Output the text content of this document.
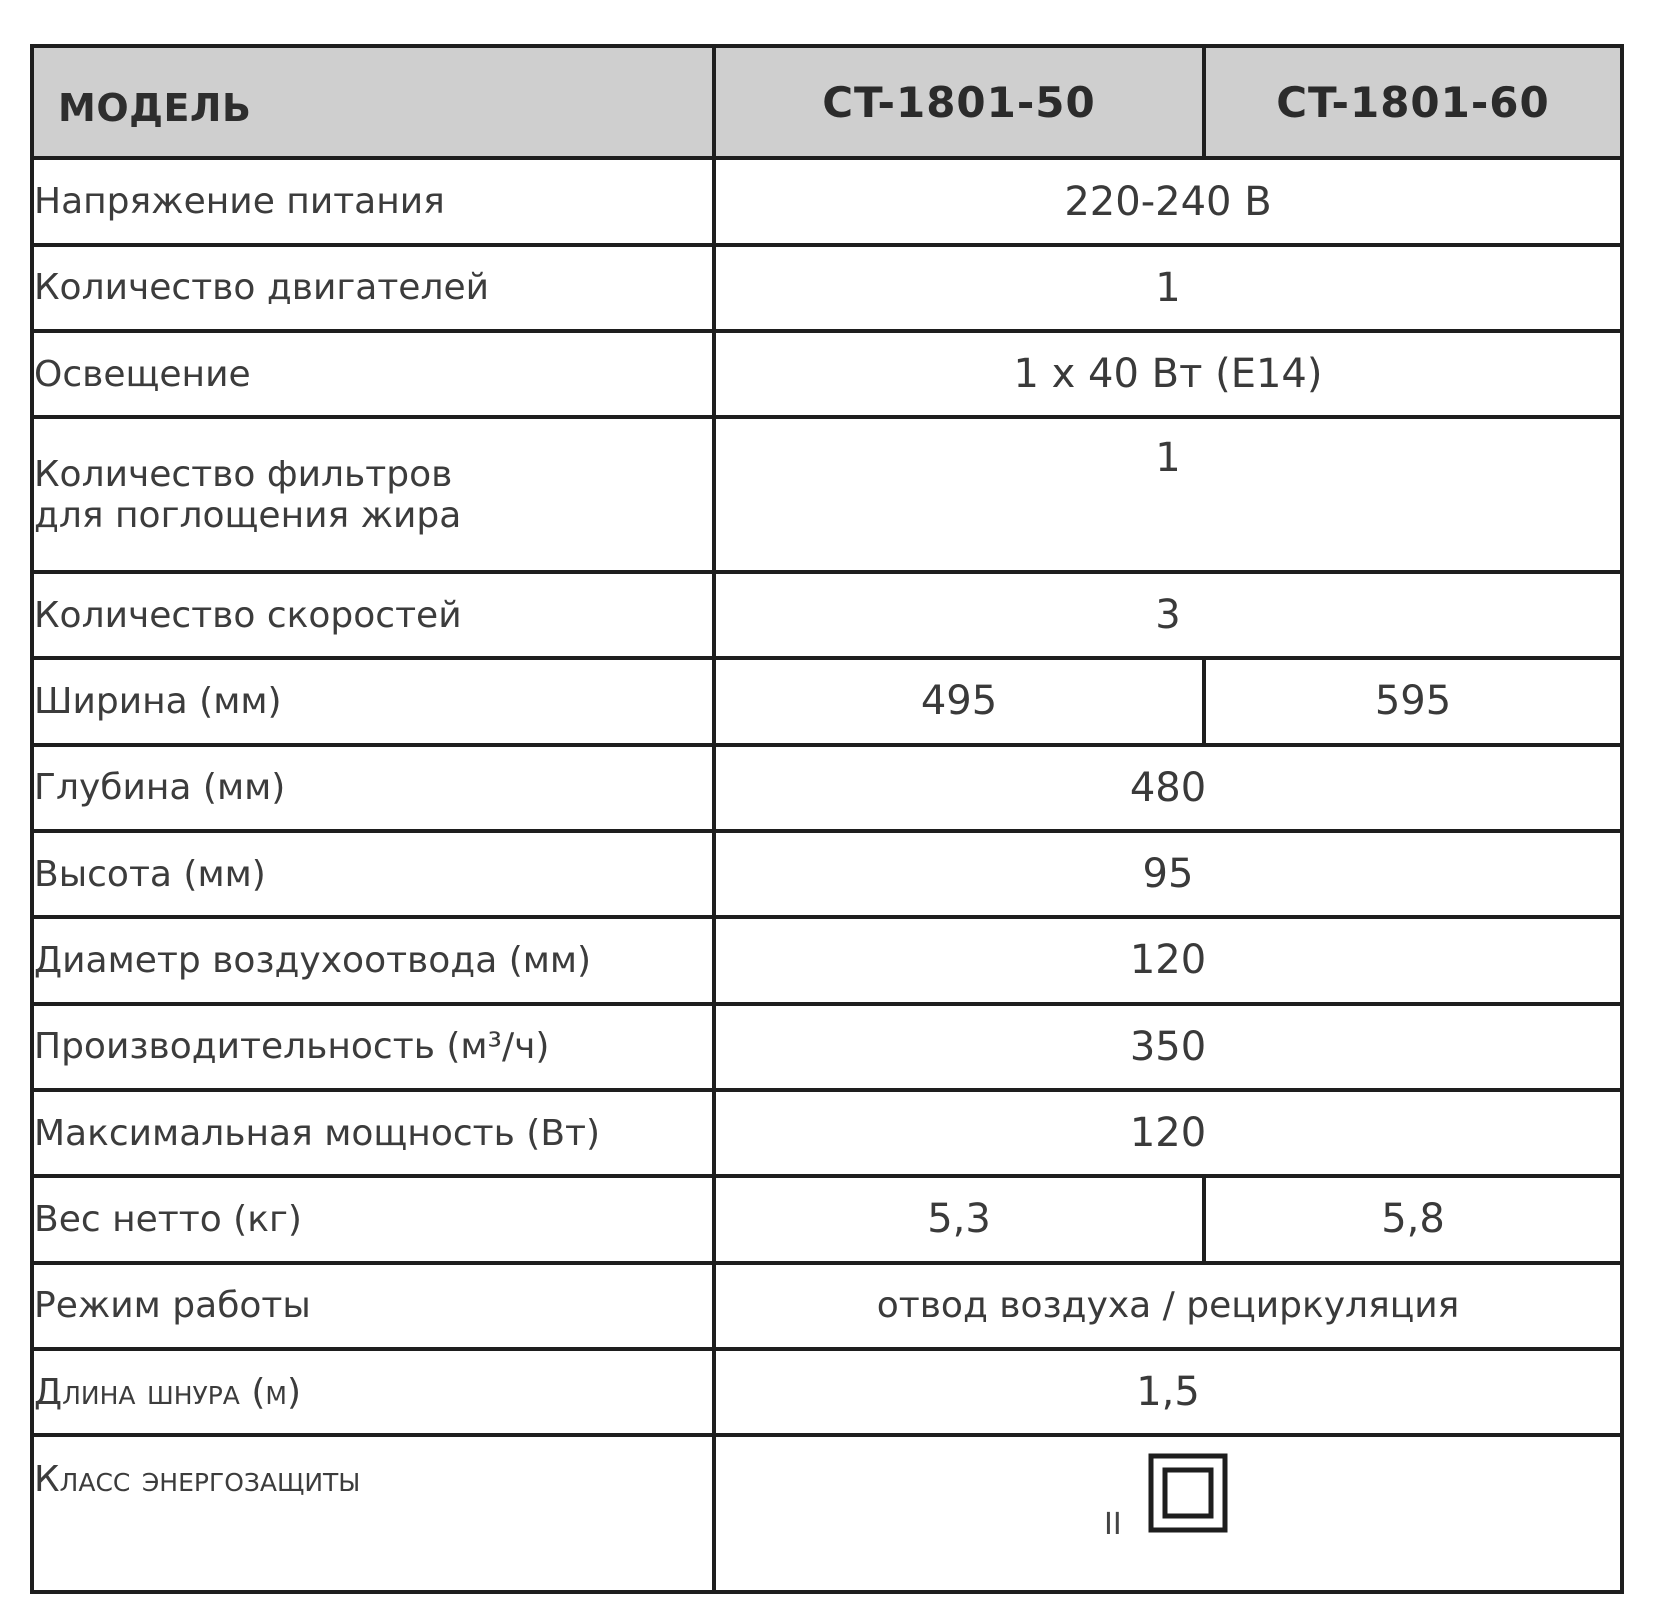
МОДЕЛЬ	CT-1801-50	CT-1801-60
Напряжение питания	220-240 В	
Количество двигателей	1	
Освещение	1 x 40 Вт (E14)	

Количество фильтров
для поглощения жира	1	
Количество скоростей	3	
Ширина (мм)	495	595
Глубина (мм)	480	
Высота (мм)	95	
Диаметр воздухоотвода (мм)	120	
Производительность (м³/ч)	350	
Максимальная мощность (Вт)	120	
Вес нетто (кг)	5,3	5,8
Режим работы	отвод воздуха / рециркуляция	
Длина шнура (м)	1,5	
Класс энергозащиты	II	
